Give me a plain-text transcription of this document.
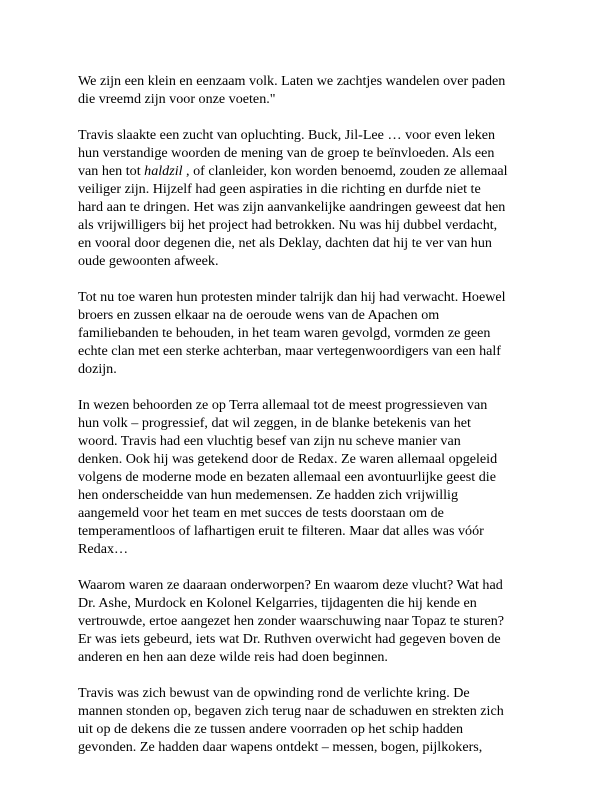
We zijn een klein en eenzaam volk. Laten we zachtjes wandelen over paden
die vreemd zijn voor onze voeten."

Travis slaakte een zucht van opluchting. Buck, Jil-Lee … voor even leken
hun verstandige woorden de mening van de groep te beïnvloeden. Als een
van hen tot haldzil , of clanleider, kon worden benoemd, zouden ze allemaal
veiliger zijn. Hijzelf had geen aspiraties in die richting en durfde niet te
hard aan te dringen. Het was zijn aanvankelijke aandringen geweest dat hen
als vrijwilligers bij het project had betrokken. Nu was hij dubbel verdacht,
en vooral door degenen die, net als Deklay, dachten dat hij te ver van hun
oude gewoonten afweek.

Tot nu toe waren hun protesten minder talrijk dan hij had verwacht. Hoewel
broers en zussen elkaar na de oeroude wens van de Apachen om
familiebanden te behouden, in het team waren gevolgd, vormden ze geen
echte clan met een sterke achterban, maar vertegenwoordigers van een half
dozijn.

In wezen behoorden ze op Terra allemaal tot de meest progressieven van
hun volk – progressief, dat wil zeggen, in de blanke betekenis van het
woord. Travis had een vluchtig besef van zijn nu scheve manier van
denken. Ook hij was getekend door de Redax. Ze waren allemaal opgeleid
volgens de moderne mode en bezaten allemaal een avontuurlijke geest die
hen onderscheidde van hun medemensen. Ze hadden zich vrijwillig
aangemeld voor het team en met succes de tests doorstaan om de
temperamentloos of lafhartigen eruit te filteren. Maar dat alles was vóór
Redax…

Waarom waren ze daaraan onderworpen? En waarom deze vlucht? Wat had
Dr. Ashe, Murdock en Kolonel Kelgarries, tijdagenten die hij kende en
vertrouwde, ertoe aangezet hen zonder waarschuwing naar Topaz te sturen?
Er was iets gebeurd, iets wat Dr. Ruthven overwicht had gegeven boven de
anderen en hen aan deze wilde reis had doen beginnen.

Travis was zich bewust van de opwinding rond de verlichte kring. De
mannen stonden op, begaven zich terug naar de schaduwen en strekten zich
uit op de dekens die ze tussen andere voorraden op het schip hadden
gevonden. Ze hadden daar wapens ontdekt – messen, bogen, pijlkokers,
